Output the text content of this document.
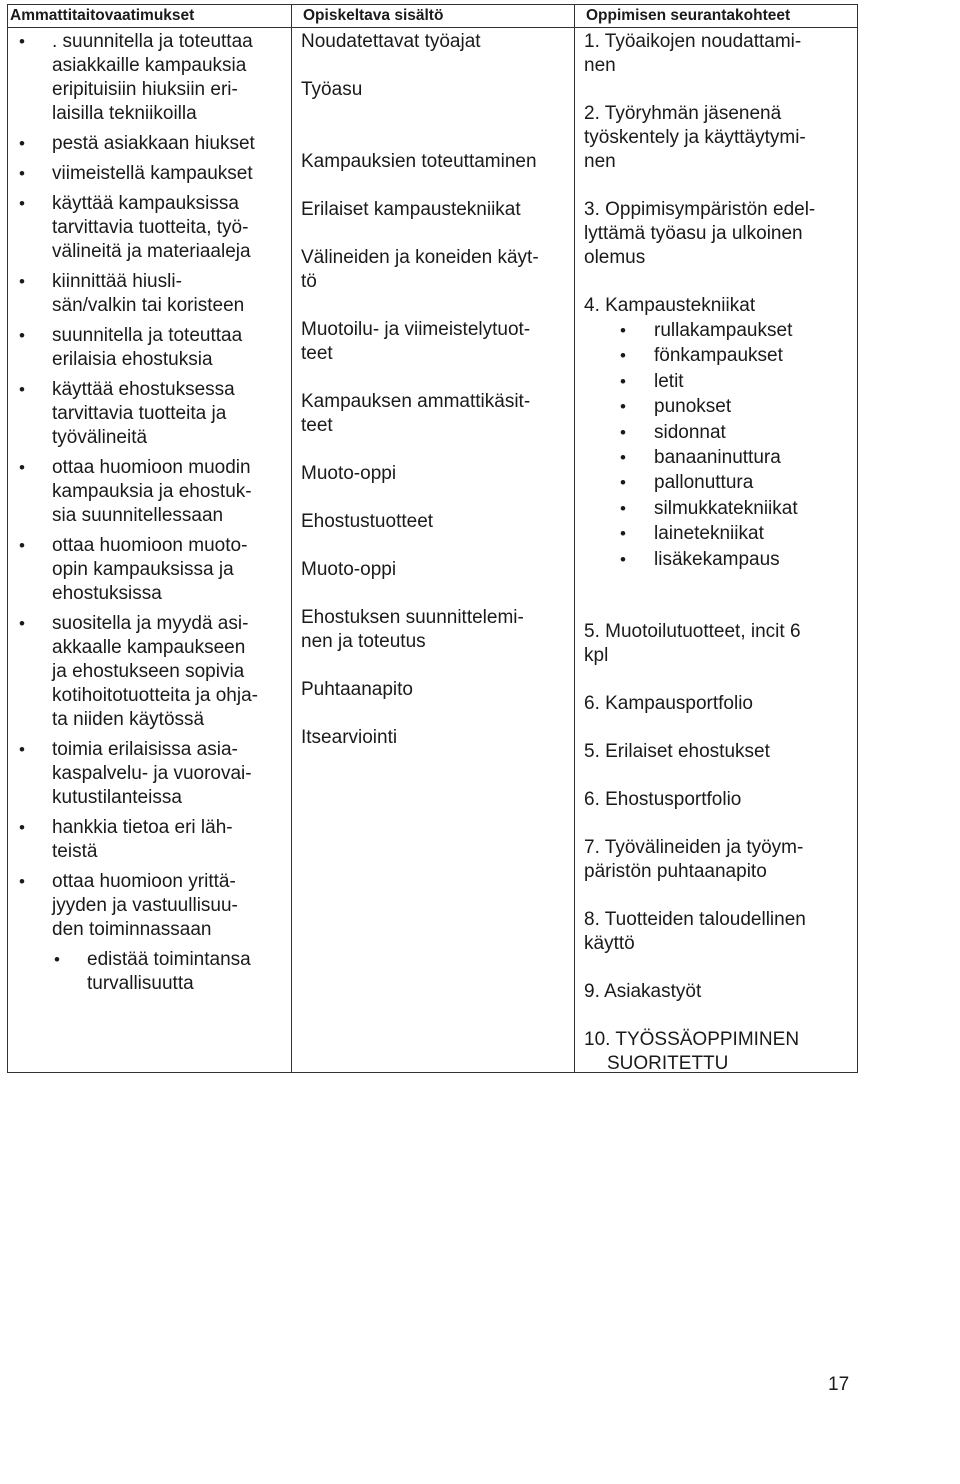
Ammattitaitovaatimukset	Opiskeltava sisältö	Oppimisen seurantakohteet
• . suunnitella ja toteuttaa
asiakkaille kampauksia
eripituisiin hiuksiin eri-
laisilla tekniikoilla
• pestä asiakkaan hiukset
• viimeistellä kampaukset
• käyttää kampauksissa
tarvittavia tuotteita, työ-
välineitä ja materiaaleja
• kiinnittää hiusli-
sän/valkin tai koristeen
• suunnitella ja toteuttaa
erilaisia ehostuksia
• käyttää ehostuksessa
tarvittavia tuotteita ja
työvälineitä
• ottaa huomioon muodin
kampauksia ja ehostuk-
sia suunnitellessaan
• ottaa huomioon muoto-
opin kampauksissa ja
ehostuksissa
• suositella ja myydä asi-
akkaalle kampaukseen
ja ehostukseen sopivia
kotihoitotuotteita ja ohja-
ta niiden käytössä
• toimia erilaisissa asia-
kaspalvelu- ja vuorovai-
kutustilanteissa
• hankkia tietoa eri läh-
teistä
• ottaa huomioon yrittä-
jyyden ja vastuullisuu-
den toiminnassaan
• edistää toimintansa
turvallisuutta
Noudatettavat työajat
Työasu
Kampauksien toteuttaminen
Erilaiset kampaustekniikat
Välineiden ja koneiden käyt-
tö
Muotoilu- ja viimeistelytuot-
teet
Kampauksen ammattikäsit-
teet
Muoto-oppi
Ehostustuotteet
Muoto-oppi
Ehostuksen suunnittelemi-
nen ja toteutus
Puhtaanapito
Itsearviointi
1. Työaikojen noudattami-
nen
2. Työryhmän jäsenenä
työskentely ja käyttäytymi-
nen
3. Oppimisympäristön edel-
lyttämä työasu ja ulkoinen
olemus
4. Kampaustekniikat
• rullakampaukset
• fönkampaukset
• letit
• punokset
• sidonnat
• banaaninuttura
• pallonuttura
• silmukkatekniikat
• lainetekniikat
• lisäkekampaus
5. Muotoilutuotteet, incit 6
kpl
6. Kampausportfolio
5. Erilaiset ehostukset
6. Ehostusportfolio
7. Työvälineiden ja työym-
päristön puhtaanapito
8. Tuotteiden taloudellinen
käyttö
9. Asiakastyöt
10. TYÖSSÄOPPIMINEN
SUORITETTU
17
